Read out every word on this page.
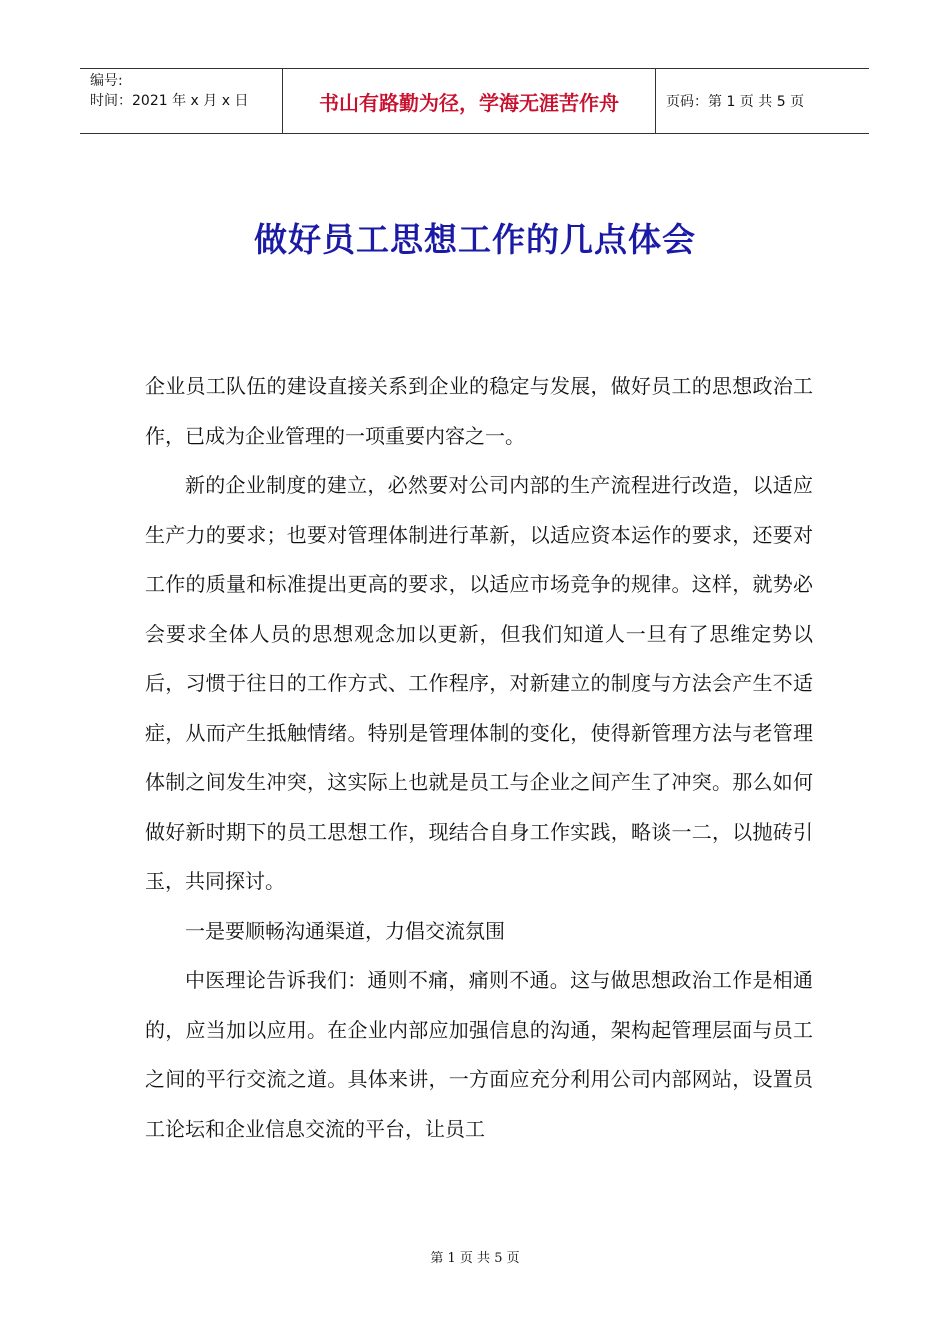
编号:
时间：2021 年 x 月 x 日	书山有路勤为径，学海无涯苦作舟	页码：第 1 页 共 5 页
做好员工思想工作的几点体会

企业员工队伍的建设直接关系到企业的稳定与发展，做好员工的思想政治工作，已成为企业管理的一项重要内容之一。

新的企业制度的建立，必然要对公司内部的生产流程进行改造，以适应生产力的要求；也要对管理体制进行革新，以适应资本运作的要求，还要对工作的质量和标准提出更高的要求，以适应市场竞争的规律。这样，就势必会要求全体人员的思想观念加以更新，但我们知道人一旦有了思维定势以后，习惯于往日的工作方式、工作程序，对新建立的制度与方法会产生不适症，从而产生抵触情绪。特别是管理体制的变化，使得新管理方法与老管理体制之间发生冲突，这实际上也就是员工与企业之间产生了冲突。那么如何做好新时期下的员工思想工作，现结合自身工作实践，略谈一二，以抛砖引玉，共同探讨。

一是要顺畅沟通渠道，力倡交流氛围

中医理论告诉我们：通则不痛，痛则不通。这与做思想政治工作是相通的，应当加以应用。在企业内部应加强信息的沟通，架构起管理层面与员工之间的平行交流之道。具体来讲，一方面应充分利用公司内部网站，设置员工论坛和企业信息交流的平台，让员工

第 1 页 共 5 页
